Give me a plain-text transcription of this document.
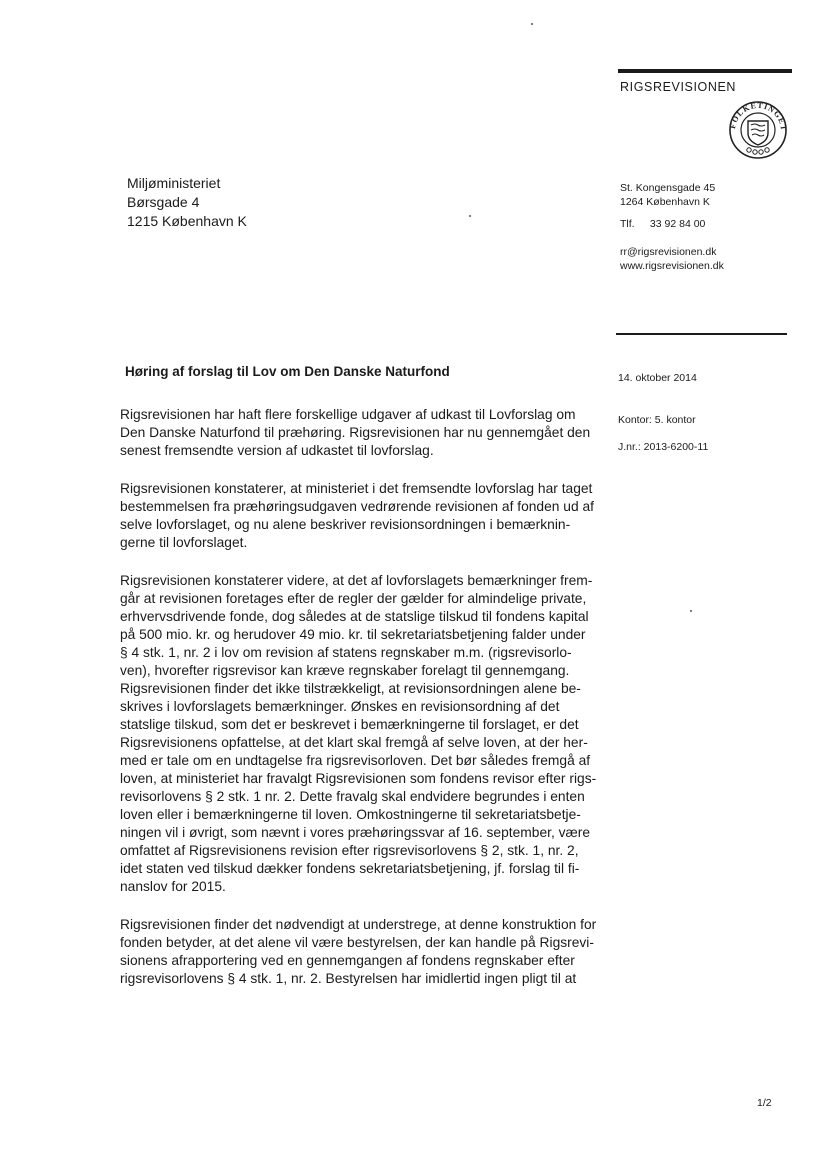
RIGSREVISIONEN
FOLKETINGET
Miljøministeriet
Børsgade 4
1215 København K
St. Kongensgade 45
1264 København K
Tlf. 33 92 84 00
rr@rigsrevisionen.dk
www.rigsrevisionen.dk
Høring af forslag til Lov om Den Danske Naturfond	14. oktober 2014
Kontor: 5. kontor
J.nr.: 2013-6200-11
Rigsrevisionen har haft flere forskellige udgaver af udkast til Lovforslag om
Den Danske Naturfond til præhøring. Rigsrevisionen har nu gennemgået den
senest fremsendte version af udkastet til lovforslag.
Rigsrevisionen konstaterer, at ministeriet i det fremsendte lovforslag har taget
bestemmelsen fra præhøringsudgaven vedrørende revisionen af fonden ud af
selve lovforslaget, og nu alene beskriver revisionsordningen i bemærknin-
gerne til lovforslaget.
Rigsrevisionen konstaterer videre, at det af lovforslagets bemærkninger frem-
går at revisionen foretages efter de regler der gælder for almindelige private,
erhvervsdrivende fonde, dog således at de statslige tilskud til fondens kapital
på 500 mio. kr. og herudover 49 mio. kr. til sekretariatsbetjening falder under
§ 4 stk. 1, nr. 2 i lov om revision af statens regnskaber m.m. (rigsrevisorlo-
ven), hvorefter rigsrevisor kan kræve regnskaber forelagt til gennemgang.
Rigsrevisionen finder det ikke tilstrækkeligt, at revisionsordningen alene be-
skrives i lovforslagets bemærkninger. Ønskes en revisionsordning af det
statslige tilskud, som det er beskrevet i bemærkningerne til forslaget, er det
Rigsrevisionens opfattelse, at det klart skal fremgå af selve loven, at der her-
med er tale om en undtagelse fra rigsrevisorloven. Det bør således fremgå af
loven, at ministeriet har fravalgt Rigsrevisionen som fondens revisor efter rigs-
revisorlovens § 2 stk. 1 nr. 2. Dette fravalg skal endvidere begrundes i enten
loven eller i bemærkningerne til loven. Omkostningerne til sekretariatsbetje-
ningen vil i øvrigt, som nævnt i vores præhøringssvar af 16. september, være
omfattet af Rigsrevisionens revision efter rigsrevisorlovens § 2, stk. 1, nr. 2,
idet staten ved tilskud dækker fondens sekretariatsbetjening, jf. forslag til fi-
nanslov for 2015.
Rigsrevisionen finder det nødvendigt at understrege, at denne konstruktion for
fonden betyder, at det alene vil være bestyrelsen, der kan handle på Rigsrevi-
sionens afrapportering ved en gennemgangen af fondens regnskaber efter
rigsrevisorlovens § 4 stk. 1, nr. 2. Bestyrelsen har imidlertid ingen pligt til at
1/2
